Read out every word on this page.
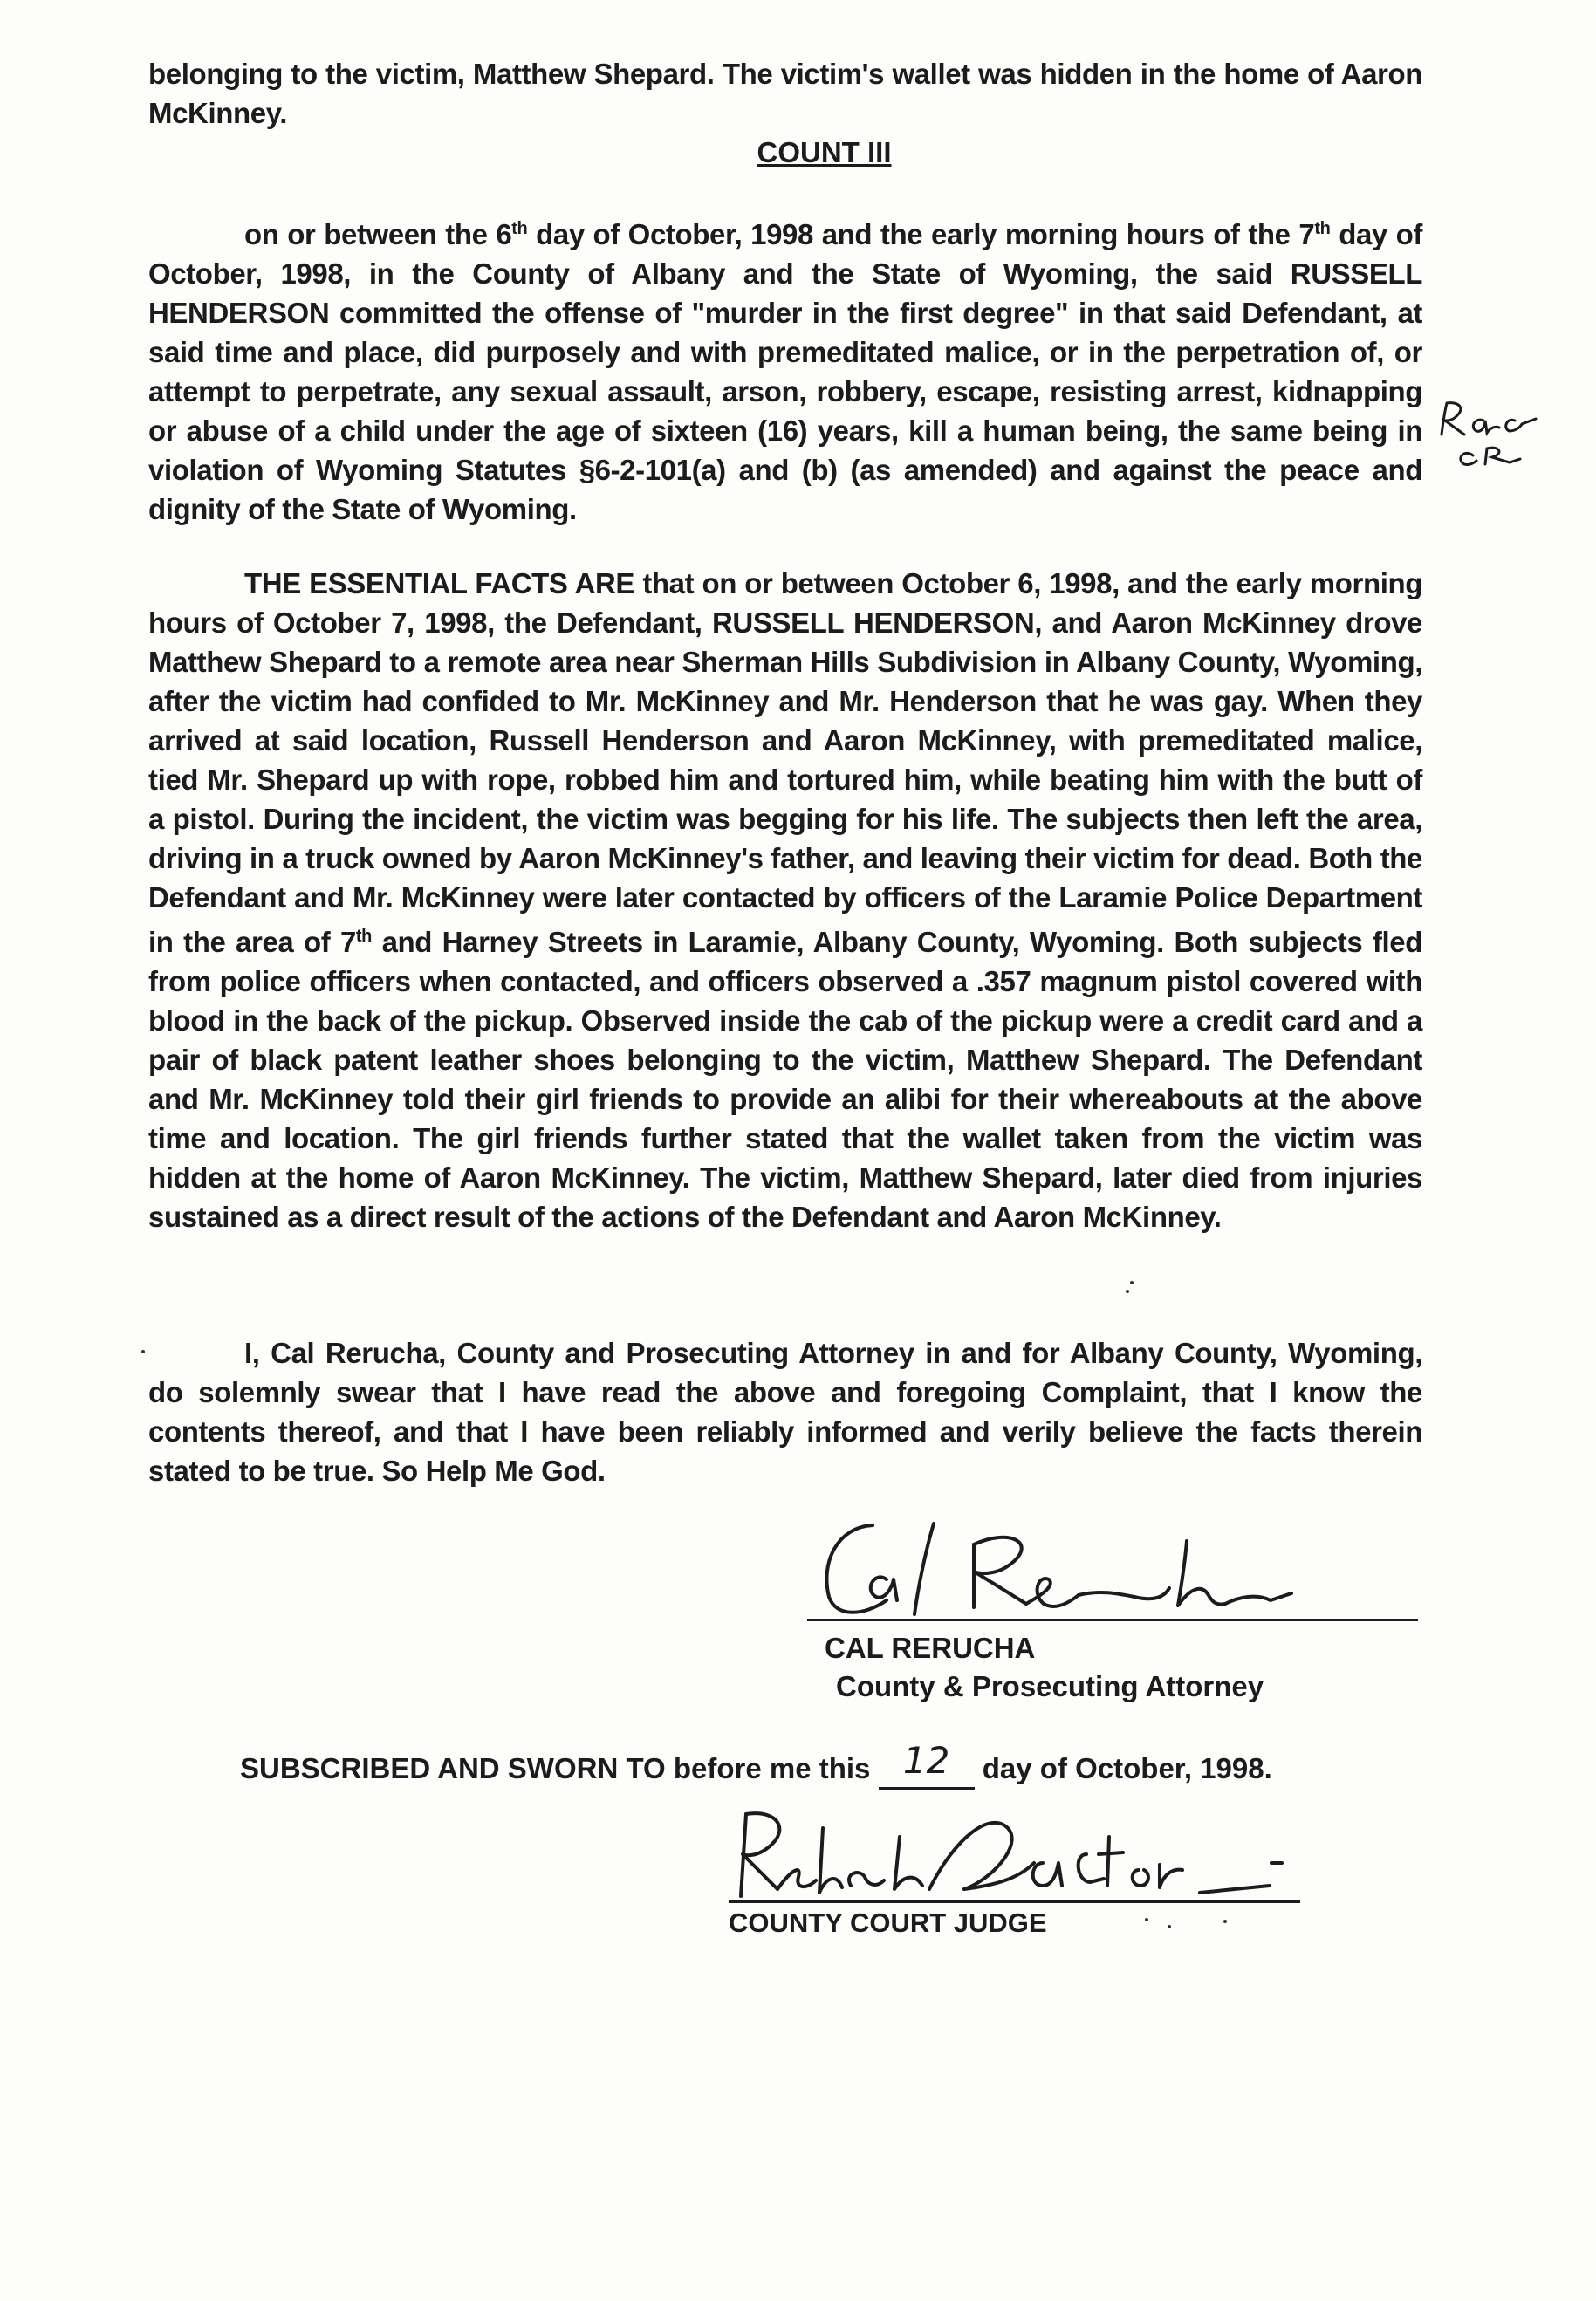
belonging to the victim, Matthew Shepard. The victim's wallet was hidden in the home of Aaron McKinney.

COUNT III

on or between the 6th day of October, 1998 and the early morning hours of the 7th day of October, 1998, in the County of Albany and the State of Wyoming, the said RUSSELL HENDERSON committed the offense of "murder in the first degree" in that said Defendant, at said time and place, did purposely and with premeditated malice, or in the perpetration of, or attempt to perpetrate, any sexual assault, arson, robbery, escape, resisting arrest, kidnapping or abuse of a child under the age of sixteen (16) years, kill a human being, the same being in violation of Wyoming Statutes §6-2-101(a) and (b) (as amended) and against the peace and dignity of the State of Wyoming.

THE ESSENTIAL FACTS ARE that on or between October 6, 1998, and the early morning hours of October 7, 1998, the Defendant, RUSSELL HENDERSON, and Aaron McKinney drove Matthew Shepard to a remote area near Sherman Hills Subdivision in Albany County, Wyoming, after the victim had confided to Mr. McKinney and Mr. Henderson that he was gay. When they arrived at said location, Russell Henderson and Aaron McKinney, with premeditated malice, tied Mr. Shepard up with rope, robbed him and tortured him, while beating him with the butt of a pistol. During the incident, the victim was begging for his life. The subjects then left the area, driving in a truck owned by Aaron McKinney's father, and leaving their victim for dead. Both the Defendant and Mr. McKinney were later contacted by officers of the Laramie Police Department in the area of 7th and Harney Streets in Laramie, Albany County, Wyoming. Both subjects fled from police officers when contacted, and officers observed a .357 magnum pistol covered with blood in the back of the pickup. Observed inside the cab of the pickup were a credit card and a pair of black patent leather shoes belonging to the victim, Matthew Shepard. The Defendant and Mr. McKinney told their girl friends to provide an alibi for their whereabouts at the above time and location. The girl friends further stated that the wallet taken from the victim was hidden at the home of Aaron McKinney. The victim, Matthew Shepard, later died from injuries sustained as a direct result of the actions of the Defendant and Aaron McKinney.

I, Cal Rerucha, County and Prosecuting Attorney in and for Albany County, Wyoming, do solemnly swear that I have read the above and foregoing Complaint, that I know the contents thereof, and that I have been reliably informed and verily believe the facts therein stated to be true. So Help Me God.

CAL RERUCHA

County & Prosecuting Attorney

SUBSCRIBED AND SWORN TO before me this 12 day of October, 1998.

COUNTY COURT JUDGE
